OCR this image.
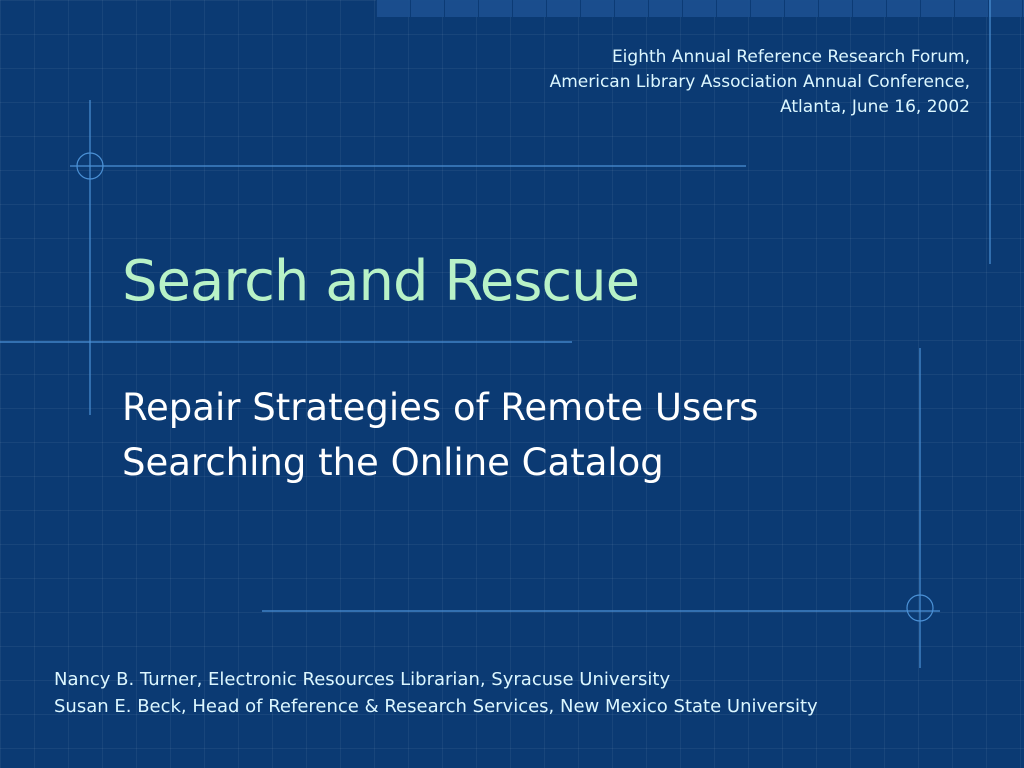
Eighth Annual Reference Research Forum,
American Library Association Annual Conference,
Atlanta, June 16, 2002
Search and Rescue
Repair Strategies of Remote Users
Searching the Online Catalog
Nancy B. Turner, Electronic Resources Librarian, Syracuse University
Susan E. Beck, Head of Reference & Research Services, New Mexico State University
